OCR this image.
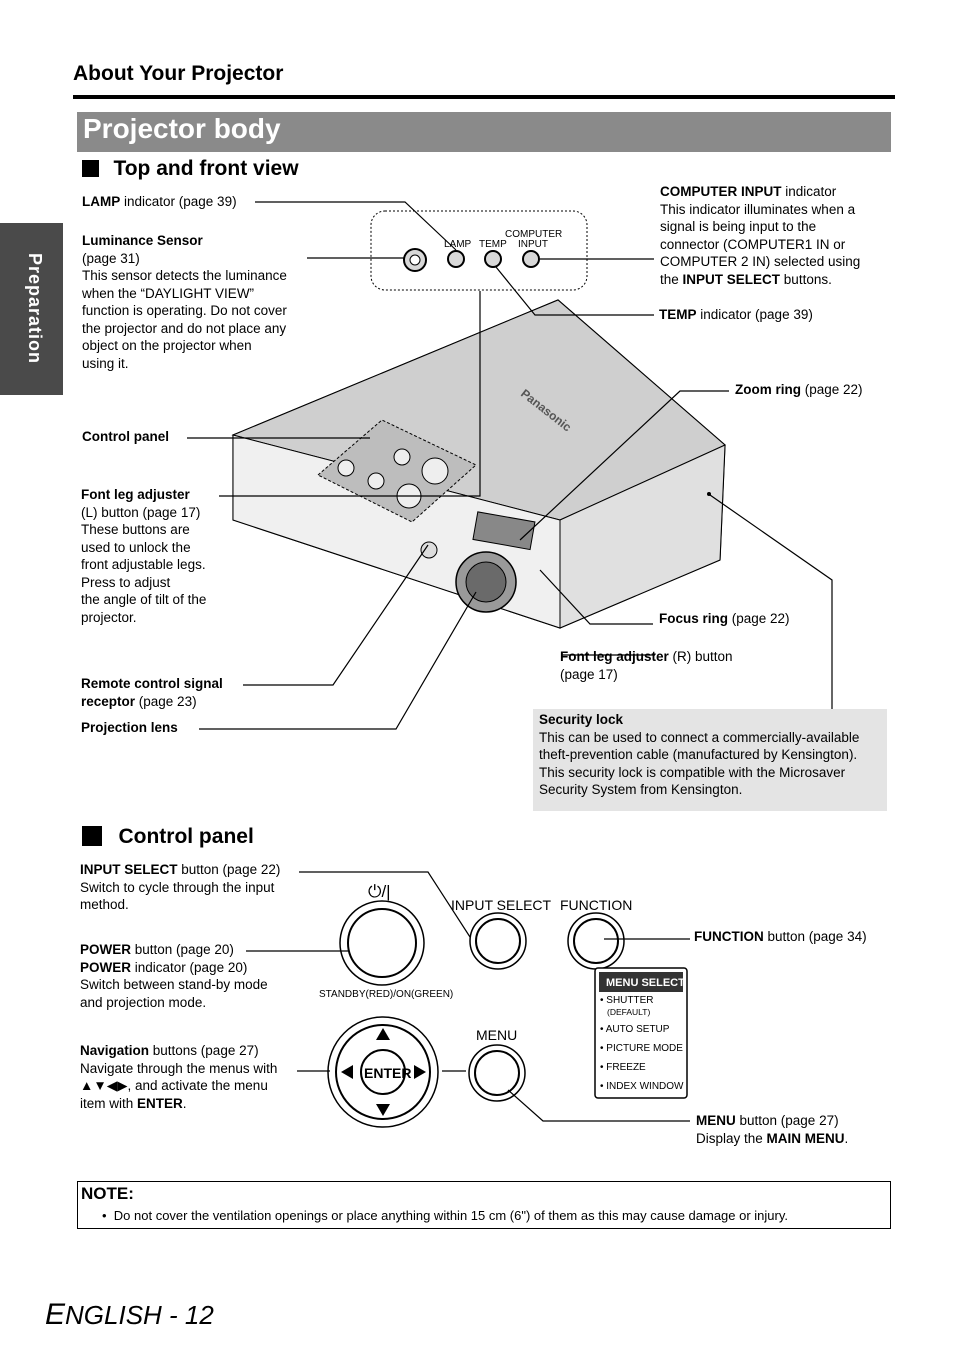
About Your Projector
Projector body
Preparation
Top and front view
LAMP indicator (page 39)
Luminance Sensor
(page 31)
This sensor detects the luminance
when the “DAYLIGHT VIEW”
function is operating. Do not cover
the projector and do not place any
object on the projector when
using it.
Control panel
Font leg adjuster
(L) button (page 17)
These buttons are
used to unlock the
front adjustable legs.
Press to adjust
the angle of tilt of the
projector.
Remote control signal
receptor (page 23)
Projection lens
COMPUTER INPUT indicator
This indicator illuminates when a
signal is being input to the
connector (COMPUTER1 IN or
COMPUTER 2 IN) selected using
the INPUT SELECT buttons.
TEMP indicator (page 39)
Zoom ring (page 22)
Focus ring (page 22)
Font leg adjuster (R) button
(page 17)
Security lock
This can be used to connect a commercially-available
theft-prevention cable (manufactured by Kensington).
This security lock is compatible with the Microsaver
Security System from Kensington.
LAMP TEMP
COMPUTER
INPUT
Panasonic
Control panel
INPUT SELECT button (page 22)
Switch to cycle through the input
method.
POWER button (page 20)
POWER indicator (page 20)
Switch between stand-by mode
and projection mode.
Navigation buttons (page 27)
Navigate through the menus with
▲▼◀▶, and activate the menu
item with ENTER.
FUNCTION button (page 34)
MENU button (page 27)
Display the MAIN MENU.
⏻/|
STANDBY(RED)/ON(GREEN)
INPUT SELECT FUNCTION
MENU
ENTER
MENU SELECT
• SHUTTER
(DEFAULT)
• AUTO SETUP
• PICTURE MODE
• FREEZE
• INDEX WINDOW
NOTE:
•  Do not cover the ventilation openings or place anything within 15 cm (6") of them as this may cause damage or injury.
ENGLISH - 12
